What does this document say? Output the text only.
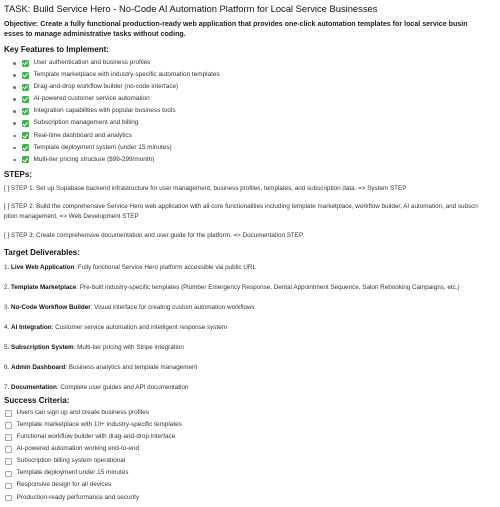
TASK: Build Service Hero - No-Code AI Automation Platform for Local Service Businesses
Objective: Create a fully functional production-ready web application that provides one-click automation templates for local service busin
esses to manage administrative tasks without coding.
Key Features to Implement:
User authentication and business profiles
Template marketplace with industry-specific automation templates
Drag-and-drop workflow builder (no-code interface)
AI-powered customer service automation
Integration capabilities with popular business tools
Subscription management and billing
Real-time dashboard and analytics
Template deployment system (under 15 minutes)
Multi-tier pricing structure ($99-299/month)
STEPs:

[ ] STEP 1: Set up Supabase backend infrastructure for user management, business profiles, templates, and subscription data. => System STEP

[ ] STEP 2: Build the comprehensive Service Hero web application with all core functionalities including template marketplace, workflow builder, AI automation, and subscri
ption management. => Web Development STEP

[ ] STEP 3: Create comprehensive documentation and user guide for the platform. => Documentation STEP

Target Deliverables:

1. Live Web Application: Fully functional Service Hero platform accessible via public URL

2. Template Marketplace: Pre-built industry-specific templates (Plumber Emergency Response, Dental Appointment Sequence, Salon Rebooking Campaigns, etc.)

3. No-Code Workflow Builder: Visual interface for creating custom automation workflows

4. AI Integration: Customer service automation and intelligent response system

5. Subscription System: Multi-tier pricing with Stripe integration

6. Admin Dashboard: Business analytics and template management

7. Documentation: Complete user guides and API documentation

Success Criteria:
Users can sign up and create business profiles
Template marketplace with 10+ industry-specific templates
Functional workflow builder with drag-and-drop interface
AI-powered automation working end-to-end
Subscription billing system operational
Template deployment under 15 minutes
Responsive design for all devices
Production-ready performance and security
